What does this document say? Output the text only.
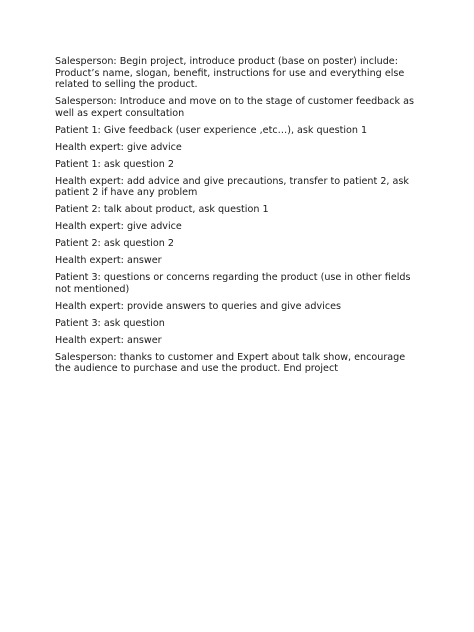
Salesperson: Begin project, introduce product (base on poster) include: Product’s name, slogan, benefit, instructions for use and everything else related to selling the product.

Salesperson: Introduce and move on to the stage of customer feedback as well as expert consultation

Patient 1: Give feedback (user experience ,etc…), ask question 1

Health expert: give advice

Patient 1: ask question 2

Health expert: add advice and give precautions, transfer to patient 2, ask patient 2 if have any problem

Patient 2: talk about product, ask question 1

Health expert: give advice

Patient 2: ask question 2

Health expert: answer

Patient 3: questions or concerns regarding the product (use in other fields not mentioned)

Health expert: provide answers to queries and give advices

Patient 3: ask question

Health expert: answer

Salesperson: thanks to customer and Expert about talk show, encourage the audience to purchase and use the product. End project
